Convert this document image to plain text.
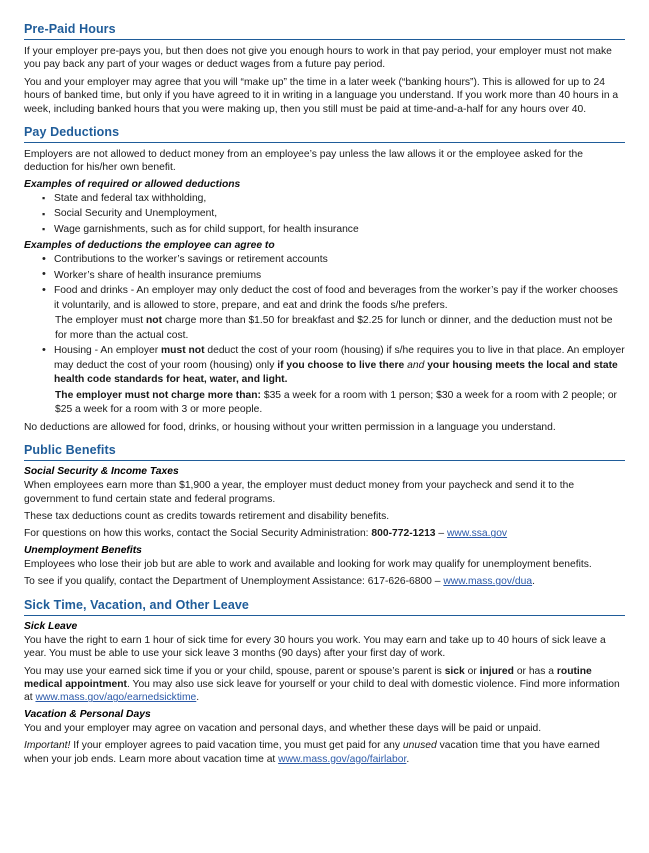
Pre-Paid Hours

If your employer pre-pays you, but then does not give you enough hours to work in that pay period, your employer must not make you pay back any part of your wages or deduct wages from a future pay period.

You and your employer may agree that you will “make up” the time in a later week (“banking hours”). This is allowed for up to 24 hours of banked time, but only if you have agreed to it in writing in a language you understand. If you work more than 40 hours in a week, including banked hours that you were making up, then you still must be paid at time-and-a-half for any hours over 40.

Pay Deductions

Employers are not allowed to deduct money from an employee’s pay unless the law allows it or the employee asked for the deduction for his/her own benefit.

Examples of required or allowed deductions
▪ State and federal tax withholding,
▪ Social Security and Unemployment,
▪ Wage garnishments, such as for child support, for health insurance
Examples of deductions the employee can agree to
• Contributions to the worker’s savings or retirement accounts
• Worker’s share of health insurance premiums
• Food and drinks - An employer may only deduct the cost of food and beverages from the worker’s pay if the worker chooses it voluntarily, and is allowed to store, prepare, and eat and drink the foods s/he prefers.
The employer must not charge more than $1.50 for breakfast and $2.25 for lunch or dinner, and the deduction must not be for more than the actual cost.
• Housing - An employer must not deduct the cost of your room (housing) if s/he requires you to live in that place. An employer may deduct the cost of your room (housing) only if you choose to live there and your housing meets the local and state health code standards for heat, water, and light.
The employer must not charge more than: $35 a week for a room with 1 person; $30 a week for a room with 2 people; or $25 a week for a room with 3 or more people.

No deductions are allowed for food, drinks, or housing without your written permission in a language you understand.

Public Benefits
Social Security & Income Taxes

When employees earn more than $1,900 a year, the employer must deduct money from your paycheck and send it to the government to fund certain state and federal programs.

These tax deductions count as credits towards retirement and disability benefits.

For questions on how this works, contact the Social Security Administration: 800-772-1213 – www.ssa.gov

Unemployment Benefits

Employees who lose their job but are able to work and available and looking for work may qualify for unemployment benefits.

To see if you qualify, contact the Department of Unemployment Assistance: 617-626-6800 – www.mass.gov/dua.

Sick Time, Vacation, and Other Leave
Sick Leave

You have the right to earn 1 hour of sick time for every 30 hours you work. You may earn and take up to 40 hours of sick leave a year. You must be able to use your sick leave 3 months (90 days) after your first day of work.

You may use your earned sick time if you or your child, spouse, parent or spouse’s parent is sick or injured or has a routine medical appointment. You may also use sick leave for yourself or your child to deal with domestic violence. Find more information at www.mass.gov/ago/earnedsicktime.

Vacation & Personal Days

You and your employer may agree on vacation and personal days, and whether these days will be paid or unpaid.

Important! If your employer agrees to paid vacation time, you must get paid for any unused vacation time that you have earned when your job ends. Learn more about vacation time at www.mass.gov/ago/fairlabor.
